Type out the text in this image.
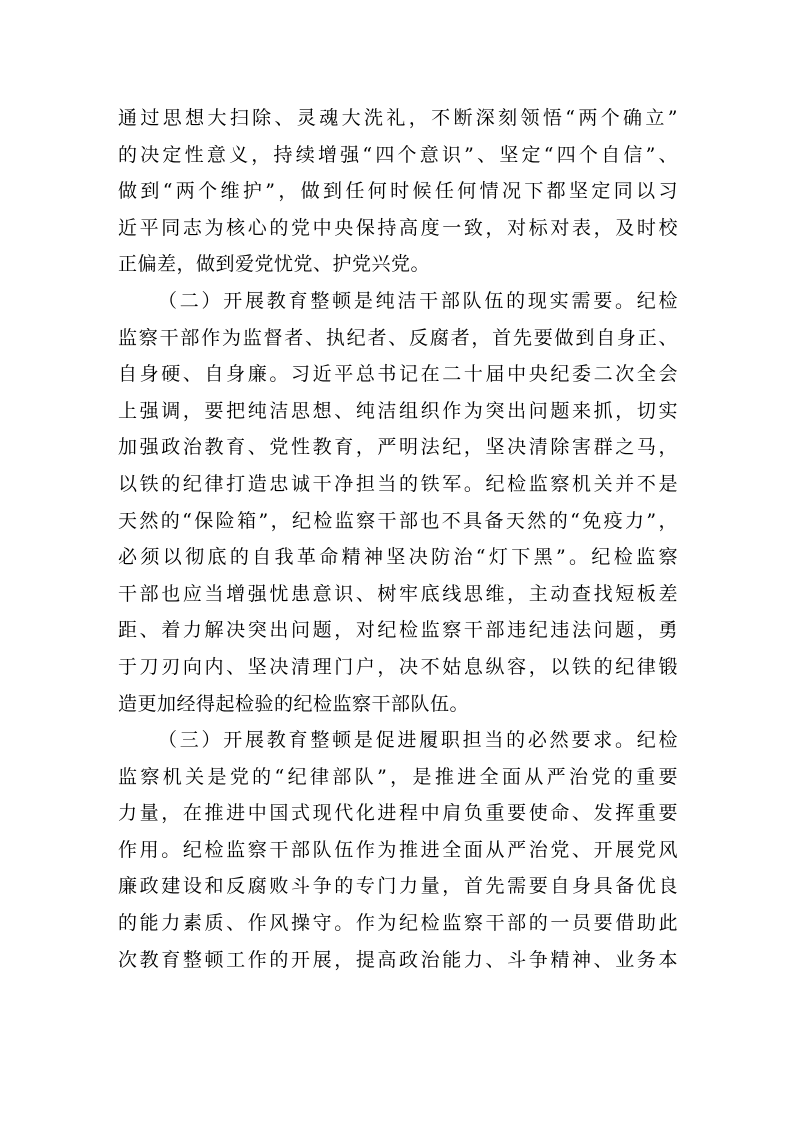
通过思想大扫除、灵魂大洗礼，不断深刻领悟“两个确立”
的决定性意义，持续增强“四个意识”、坚定“四个自信”、
做到“两个维护”，做到任何时候任何情况下都坚定同以习
近平同志为核心的党中央保持高度一致，对标对表，及时校
正偏差，做到爱党忧党、护党兴党。
（二）开展教育整顿是纯洁干部队伍的现实需要。纪检
监察干部作为监督者、执纪者、反腐者，首先要做到自身正、
自身硬、自身廉。习近平总书记在二十届中央纪委二次全会
上强调，要把纯洁思想、纯洁组织作为突出问题来抓，切实
加强政治教育、党性教育，严明法纪，坚决清除害群之马，
以铁的纪律打造忠诚干净担当的铁军。纪检监察机关并不是
天然的“保险箱”，纪检监察干部也不具备天然的“免疫力”，
必须以彻底的自我革命精神坚决防治“灯下黑”。纪检监察
干部也应当增强忧患意识、树牢底线思维，主动查找短板差
距、着力解决突出问题，对纪检监察干部违纪违法问题，勇
于刀刃向内、坚决清理门户，决不姑息纵容，以铁的纪律锻
造更加经得起检验的纪检监察干部队伍。
（三）开展教育整顿是促进履职担当的必然要求。纪检
监察机关是党的“纪律部队”，是推进全面从严治党的重要
力量，在推进中国式现代化进程中肩负重要使命、发挥重要
作用。纪检监察干部队伍作为推进全面从严治党、开展党风
廉政建设和反腐败斗争的专门力量，首先需要自身具备优良
的能力素质、作风操守。作为纪检监察干部的一员要借助此
次教育整顿工作的开展，提高政治能力、斗争精神、业务本
